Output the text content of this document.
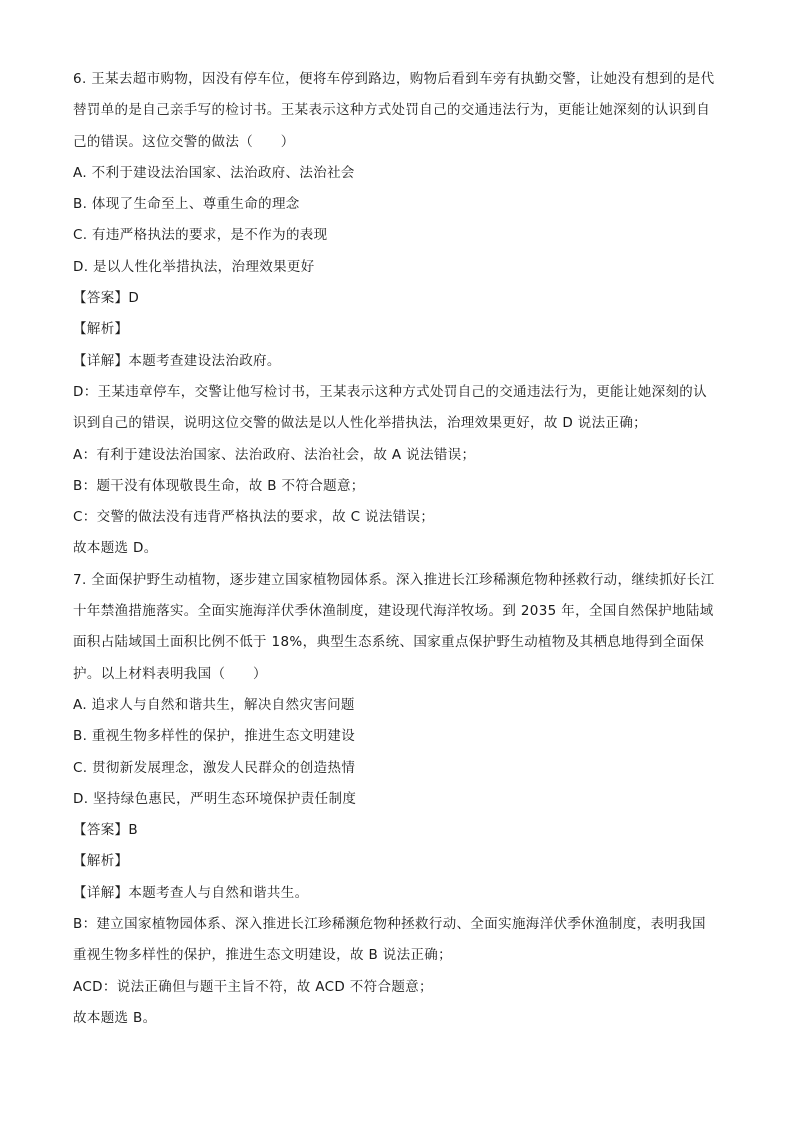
6. 王某去超市购物，因没有停车位，便将车停到路边，购物后看到车旁有执勤交警，让她没有想到的是代
替罚单的是自己亲手写的检讨书。王某表示这种方式处罚自己的交通违法行为，更能让她深刻的认识到自
己的错误。这位交警的做法（　　）
A. 不利于建设法治国家、法治政府、法治社会
B. 体现了生命至上、尊重生命的理念
C. 有违严格执法的要求，是不作为的表现
D. 是以人性化举措执法，治理效果更好
【答案】D
【解析】
【详解】本题考查建设法治政府。
D：王某违章停车，交警让他写检讨书，王某表示这种方式处罚自己的交通违法行为，更能让她深刻的认
识到自己的错误，说明这位交警的做法是以人性化举措执法，治理效果更好，故 D 说法正确；
A：有利于建设法治国家、法治政府、法治社会，故 A 说法错误；
B：题干没有体现敬畏生命，故 B 不符合题意；
C：交警的做法没有违背严格执法的要求，故 C 说法错误；
故本题选 D。
7. 全面保护野生动植物，逐步建立国家植物园体系。深入推进长江珍稀濒危物种拯救行动，继续抓好长江
十年禁渔措施落实。全面实施海洋伏季休渔制度，建设现代海洋牧场。到 2035 年，全国自然保护地陆域
面积占陆域国土面积比例不低于 18%，典型生态系统、国家重点保护野生动植物及其栖息地得到全面保
护。以上材料表明我国（　　）
A. 追求人与自然和谐共生，解决自然灾害问题
B. 重视生物多样性的保护，推进生态文明建设
C. 贯彻新发展理念，激发人民群众的创造热情
D. 坚持绿色惠民，严明生态环境保护责任制度
【答案】B
【解析】
【详解】本题考查人与自然和谐共生。
B：建立国家植物园体系、深入推进长江珍稀濒危物种拯救行动、全面实施海洋伏季休渔制度，表明我国
重视生物多样性的保护，推进生态文明建设，故 B 说法正确；
ACD：说法正确但与题干主旨不符，故 ACD 不符合题意；
故本题选 B。
